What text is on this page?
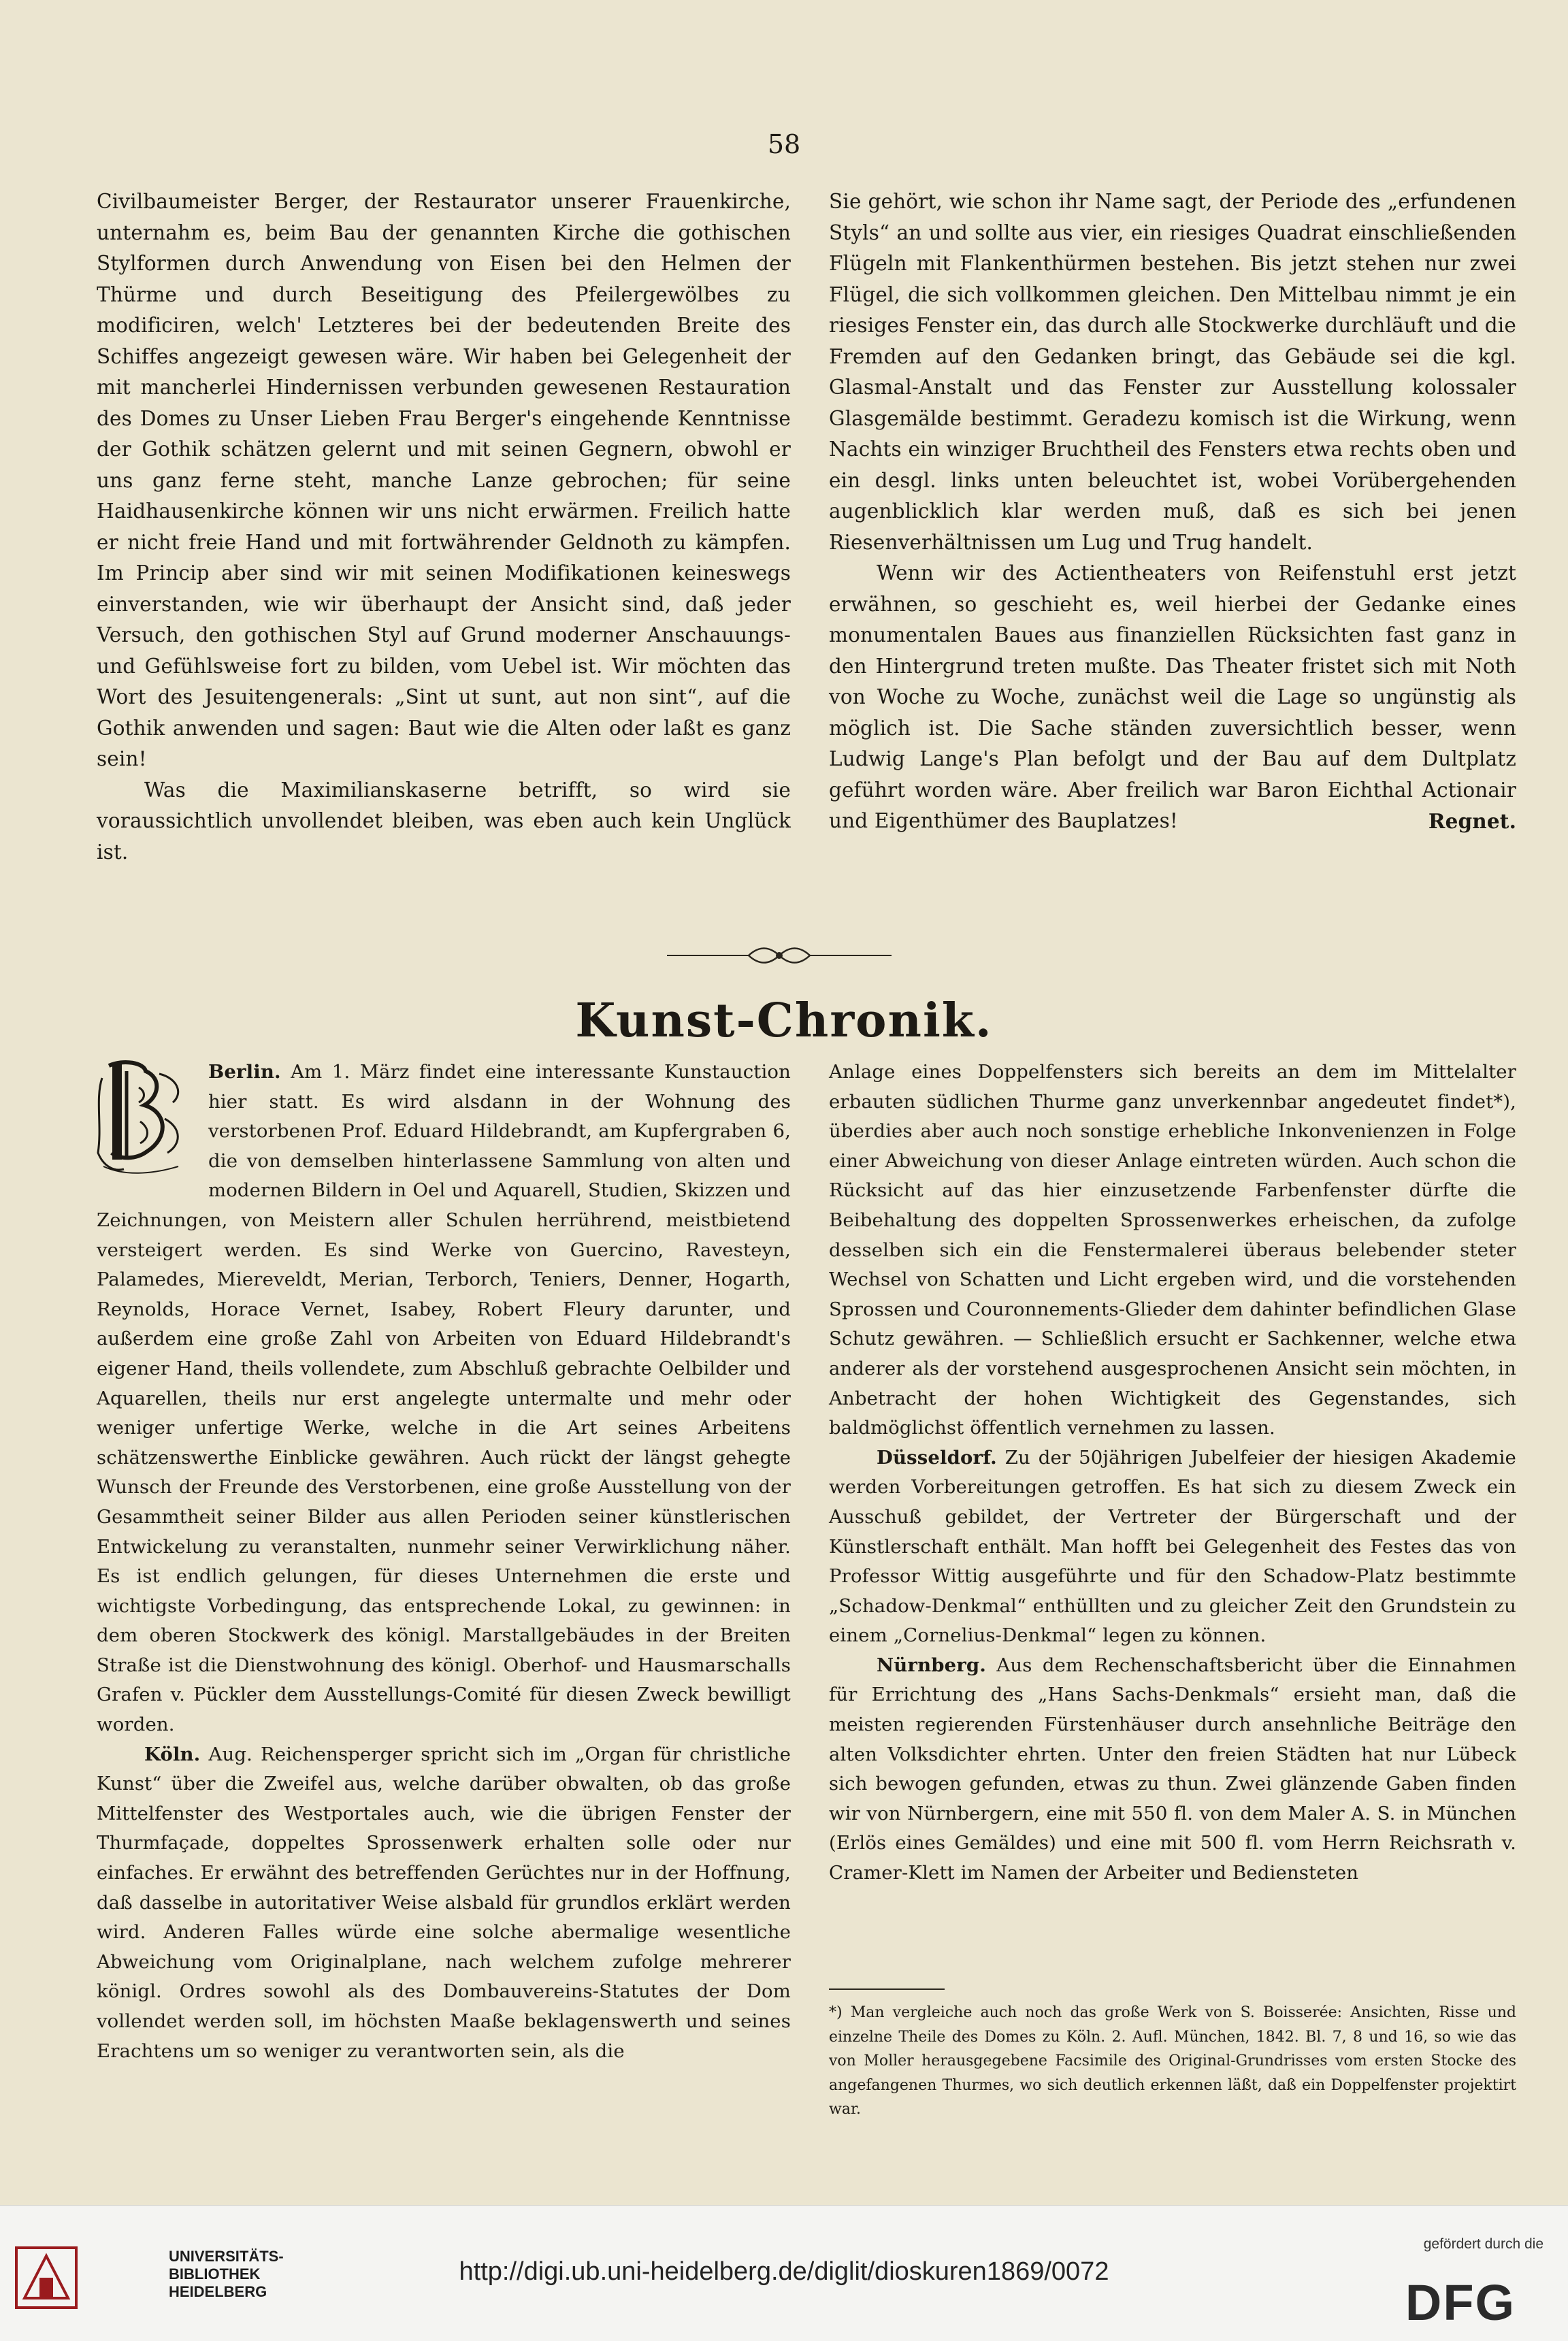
58

Civilbaumeister Berger, der Restaurator unserer Frauenkirche, unternahm es, beim Bau der genannten Kirche die gothischen Stylformen durch Anwendung von Eisen bei den Helmen der Thürme und durch Beseitigung des Pfeilergewölbes zu modificiren, welch' Letzteres bei der bedeutenden Breite des Schiffes angezeigt gewesen wäre. Wir haben bei Gelegenheit der mit mancherlei Hindernissen verbunden gewesenen Restauration des Domes zu Unser Lieben Frau Berger's eingehende Kenntnisse der Gothik schätzen gelernt und mit seinen Gegnern, obwohl er uns ganz ferne steht, manche Lanze gebrochen; für seine Haidhausenkirche können wir uns nicht erwärmen. Freilich hatte er nicht freie Hand und mit fortwährender Geldnoth zu kämpfen. Im Princip aber sind wir mit seinen Modifikationen keineswegs einverstanden, wie wir überhaupt der Ansicht sind, daß jeder Versuch, den gothischen Styl auf Grund moderner Anschauungs- und Gefühlsweise fort zu bilden, vom Uebel ist. Wir möchten das Wort des Jesuitengenerals: „Sint ut sunt, aut non sint“, auf die Gothik anwenden und sagen: Baut wie die Alten oder laßt es ganz sein!

Was die Maximilianskaserne betrifft, so wird sie voraussichtlich unvollendet bleiben, was eben auch kein Unglück ist.

Sie gehört, wie schon ihr Name sagt, der Periode des „erfundenen Styls“ an und sollte aus vier, ein riesiges Quadrat einschließenden Flügeln mit Flankenthürmen bestehen. Bis jetzt stehen nur zwei Flügel, die sich vollkommen gleichen. Den Mittelbau nimmt je ein riesiges Fenster ein, das durch alle Stockwerke durchläuft und die Fremden auf den Gedanken bringt, das Gebäude sei die kgl. Glasmal-Anstalt und das Fenster zur Ausstellung kolossaler Glasgemälde bestimmt. Geradezu komisch ist die Wirkung, wenn Nachts ein winziger Bruchtheil des Fensters etwa rechts oben und ein desgl. links unten beleuchtet ist, wobei Vorübergehenden augenblicklich klar werden muß, daß es sich bei jenen Riesenverhältnissen um Lug und Trug handelt.

Wenn wir des Actientheaters von Reifenstuhl erst jetzt erwähnen, so geschieht es, weil hierbei der Gedanke eines monumentalen Baues aus finanziellen Rücksichten fast ganz in den Hintergrund treten mußte. Das Theater fristet sich mit Noth von Woche zu Woche, zunächst weil die Lage so ungünstig als möglich ist. Die Sache ständen zuversichtlich besser, wenn Ludwig Lange's Plan befolgt und der Bau auf dem Dultplatz geführt worden wäre. Aber freilich war Baron Eichthal Actionair und Eigenthümer des Bauplatzes!	Regnet.

Kunst-Chronik.

Berlin. Am 1. März findet eine interessante Kunstauction hier statt. Es wird alsdann in der Wohnung des verstorbenen Prof. Eduard Hildebrandt, am Kupfergraben 6, die von demselben hinterlassene Sammlung von alten und modernen Bildern in Oel und Aquarell, Studien, Skizzen und Zeichnungen, von Meistern aller Schulen herrührend, meistbietend versteigert werden. Es sind Werke von Guercino, Ravesteyn, Palamedes, Miereveldt, Merian, Terborch, Teniers, Denner, Hogarth, Reynolds, Horace Vernet, Isabey, Robert Fleury darunter, und außerdem eine große Zahl von Arbeiten von Eduard Hildebrandt's eigener Hand, theils vollendete, zum Abschluß gebrachte Oelbilder und Aquarellen, theils nur erst angelegte untermalte und mehr oder weniger unfertige Werke, welche in die Art seines Arbeitens schätzenswerthe Einblicke gewähren. Auch rückt der längst gehegte Wunsch der Freunde des Verstorbenen, eine große Ausstellung von der Gesammtheit seiner Bilder aus allen Perioden seiner künstlerischen Entwickelung zu veranstalten, nunmehr seiner Verwirklichung näher. Es ist endlich gelungen, für dieses Unternehmen die erste und wichtigste Vorbedingung, das entsprechende Lokal, zu gewinnen: in dem oberen Stockwerk des königl. Marstallgebäudes in der Breiten Straße ist die Dienstwohnung des königl. Oberhof- und Hausmarschalls Grafen v. Pückler dem Ausstellungs-Comité für diesen Zweck bewilligt worden.

Köln. Aug. Reichensperger spricht sich im „Organ für christliche Kunst“ über die Zweifel aus, welche darüber obwalten, ob das große Mittelfenster des Westportales auch, wie die übrigen Fenster der Thurmfaçade, doppeltes Sprossenwerk erhalten solle oder nur einfaches. Er erwähnt des betreffenden Gerüchtes nur in der Hoffnung, daß dasselbe in autoritativer Weise alsbald für grundlos erklärt werden wird. Anderen Falles würde eine solche abermalige wesentliche Abweichung vom Originalplane, nach welchem zufolge mehrerer königl. Ordres sowohl als des Dombauvereins-Statutes der Dom vollendet werden soll, im höchsten Maaße beklagenswerth und seines Erachtens um so weniger zu verantworten sein, als die

Anlage eines Doppelfensters sich bereits an dem im Mittelalter erbauten südlichen Thurme ganz unverkennbar angedeutet findet*), überdies aber auch noch sonstige erhebliche Inkonvenienzen in Folge einer Abweichung von dieser Anlage eintreten würden. Auch schon die Rücksicht auf das hier einzusetzende Farbenfenster dürfte die Beibehaltung des doppelten Sprossenwerkes erheischen, da zufolge desselben sich ein die Fenstermalerei überaus belebender steter Wechsel von Schatten und Licht ergeben wird, und die vorstehenden Sprossen und Couronnements-Glieder dem dahinter befindlichen Glase Schutz gewähren. — Schließlich ersucht er Sachkenner, welche etwa anderer als der vorstehend ausgesprochenen Ansicht sein möchten, in Anbetracht der hohen Wichtigkeit des Gegenstandes, sich baldmöglichst öffentlich vernehmen zu lassen.

Düsseldorf. Zu der 50jährigen Jubelfeier der hiesigen Akademie werden Vorbereitungen getroffen. Es hat sich zu diesem Zweck ein Ausschuß gebildet, der Vertreter der Bürgerschaft und der Künstlerschaft enthält. Man hofft bei Gelegenheit des Festes das von Professor Wittig ausgeführte und für den Schadow-Platz bestimmte „Schadow-Denkmal“ enthüllten und zu gleicher Zeit den Grundstein zu einem „Cornelius-Denkmal“ legen zu können.

Nürnberg. Aus dem Rechenschaftsbericht über die Einnahmen für Errichtung des „Hans Sachs-Denkmals“ ersieht man, daß die meisten regierenden Fürstenhäuser durch ansehnliche Beiträge den alten Volksdichter ehrten. Unter den freien Städten hat nur Lübeck sich bewogen gefunden, etwas zu thun. Zwei glänzende Gaben finden wir von Nürnbergern, eine mit 550 fl. von dem Maler A. S. in München (Erlös eines Gemäldes) und eine mit 500 fl. vom Herrn Reichsrath v. Cramer-Klett im Namen der Arbeiter und Bediensteten

*) Man vergleiche auch noch das große Werk von S. Boisserée: Ansichten, Risse und einzelne Theile des Domes zu Köln. 2. Aufl. München, 1842. Bl. 7, 8 und 16, so wie das von Moller herausgegebene Facsimile des Original-Grundrisses vom ersten Stocke des angefangenen Thurmes, wo sich deutlich erkennen läßt, daß ein Doppelfenster projektirt war.
UNIVERSITÄTS-
BIBLIOTHEK
HEIDELBERG
http://digi.ub.uni-heidelberg.de/diglit/dioskuren1869/0072
gefördert durch die
DFG
